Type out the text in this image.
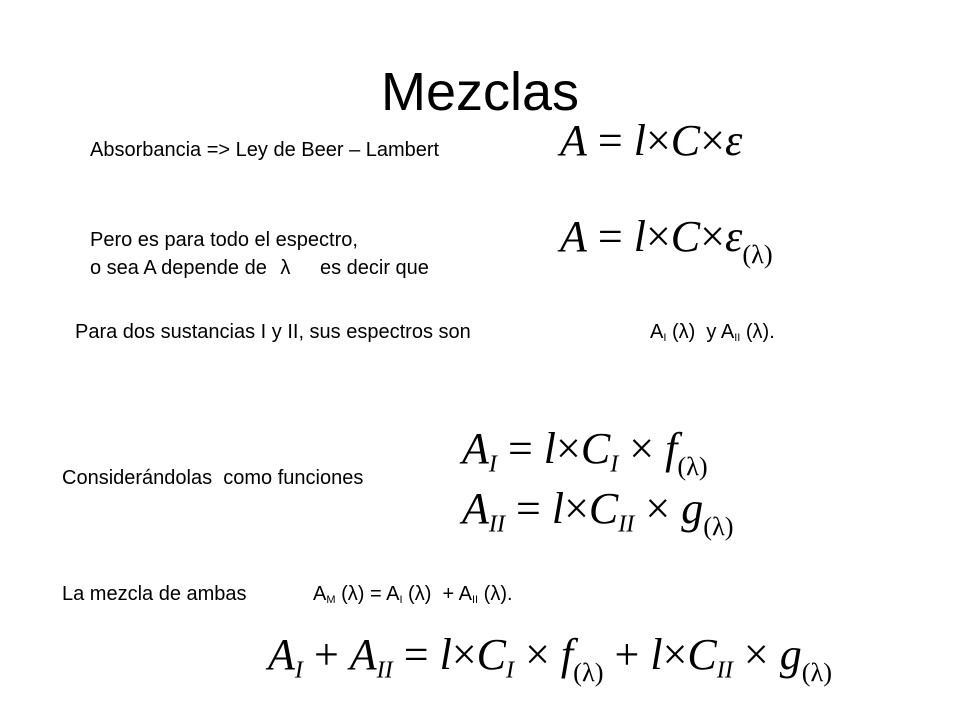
Mezclas
Absorbancia => Ley de Beer – Lambert	A = l×C×ε
Pero es para todo el espectro,
o sea A depende de λ es decir que
$A = l\times C\times\varepsilon_{(\lambda)}$
Para dos sustancias I y II, sus espectros son	$A_I$ (λ)  y $A_{II}$ (λ).
Considerándolas como funciones
$A_I = l\times C_I \times f_{(\lambda)}$
$A_{II} = l\times C_{II} \times g_{(\lambda)}$
La mezcla de ambas	$A_M$ $(\lambda) = A_I$ $(\lambda) + A_{II}$ (λ).
$A_I + A_{II} = l\times C_I \times f_{(\lambda)} + l\times C_{II} \times g_{(\lambda)}$
